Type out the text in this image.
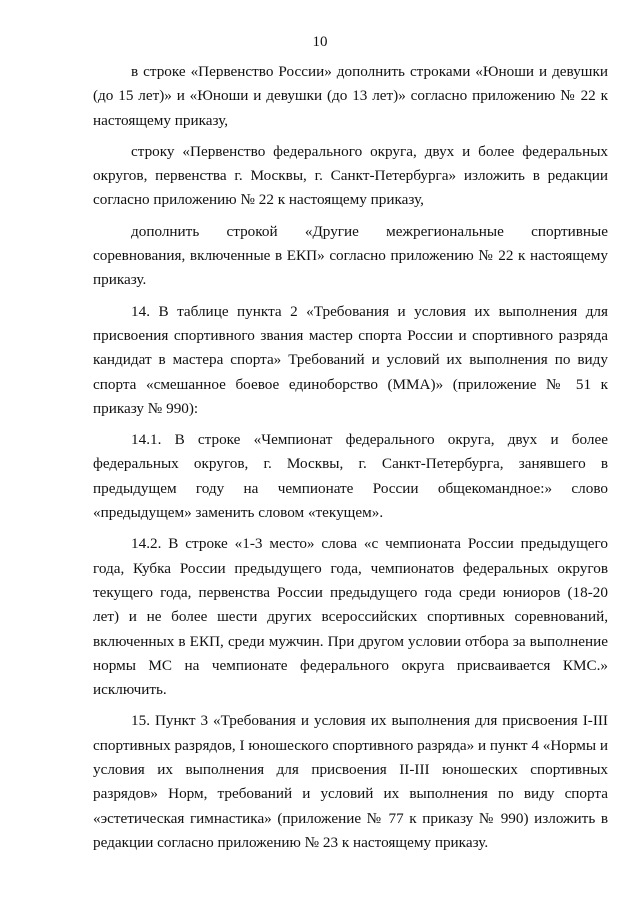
10

в строке «Первенство России» дополнить строками «Юноши и девушки (до 15 лет)» и «Юноши и девушки (до 13 лет)» согласно приложению № 22 к настоящему приказу,

строку «Первенство федерального округа, двух и более федеральных округов, первенства г. Москвы, г. Санкт-Петербурга» изложить в редакции согласно приложению № 22 к настоящему приказу,

дополнить строкой «Другие межрегиональные спортивные соревнования, включенные в ЕКП» согласно приложению № 22 к настоящему приказу.

14. В таблице пункта 2 «Требования и условия их выполнения для присвоения спортивного звания мастер спорта России и спортивного разряда кандидат в мастера спорта» Требований и условий их выполнения по виду спорта «смешанное боевое единоборство (ММА)» (приложение № 51 к приказу № 990):

14.1. В строке «Чемпионат федерального округа, двух и более федеральных округов, г. Москвы, г. Санкт-Петербурга, занявшего в предыдущем году на чемпионате России общекомандное:» слово «предыдущем» заменить словом «текущем».

14.2. В строке «1-3 место» слова «с чемпионата России предыдущего года, Кубка России предыдущего года, чемпионатов федеральных округов текущего года, первенства России предыдущего года среди юниоров (18-20 лет) и не более шести других всероссийских спортивных соревнований, включенных в ЕКП, среди мужчин. При другом условии отбора за выполнение нормы МС на чемпионате федерального округа присваивается КМС.» исключить.

15. Пункт 3 «Требования и условия их выполнения для присвоения I-III спортивных разрядов, I юношеского спортивного разряда» и пункт 4 «Нормы и условия их выполнения для присвоения II-III юношеских спортивных разрядов» Норм, требований и условий их выполнения по виду спорта «эстетическая гимнастика» (приложение № 77 к приказу № 990) изложить в редакции согласно приложению № 23 к настоящему приказу.
